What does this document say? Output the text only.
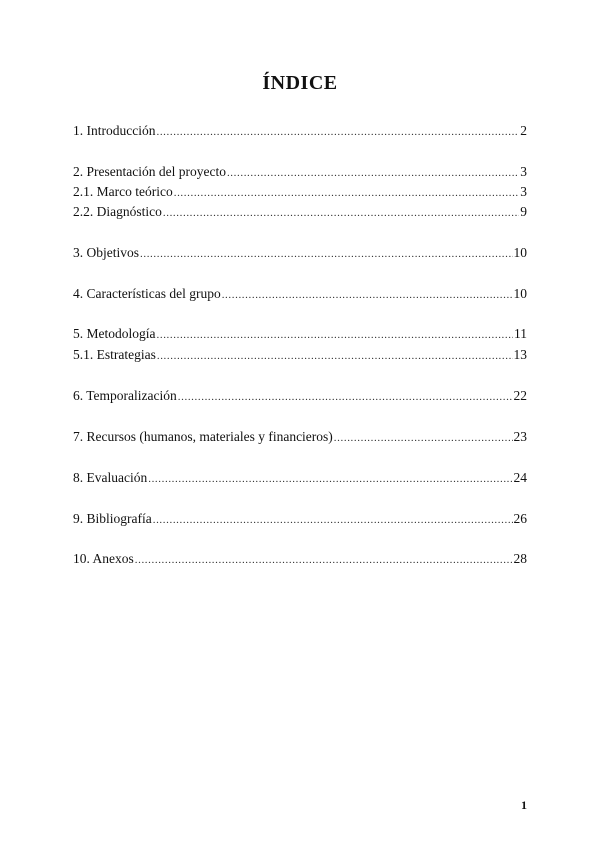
ÍNDICE
1. Introducción .....	2
2. Presentación del proyecto .....	3
2.1. Marco teórico .....	3
2.2. Diagnóstico .....	9
3. Objetivos .....	10
4. Características del grupo .....	10
5. Metodología .....	11
5.1. Estrategias .....	13
6. Temporalización .....	22
7. Recursos (humanos, materiales y financieros) .....	23
8. Evaluación .....	24
9. Bibliografía .....	26
10. Anexos .....	28
1
